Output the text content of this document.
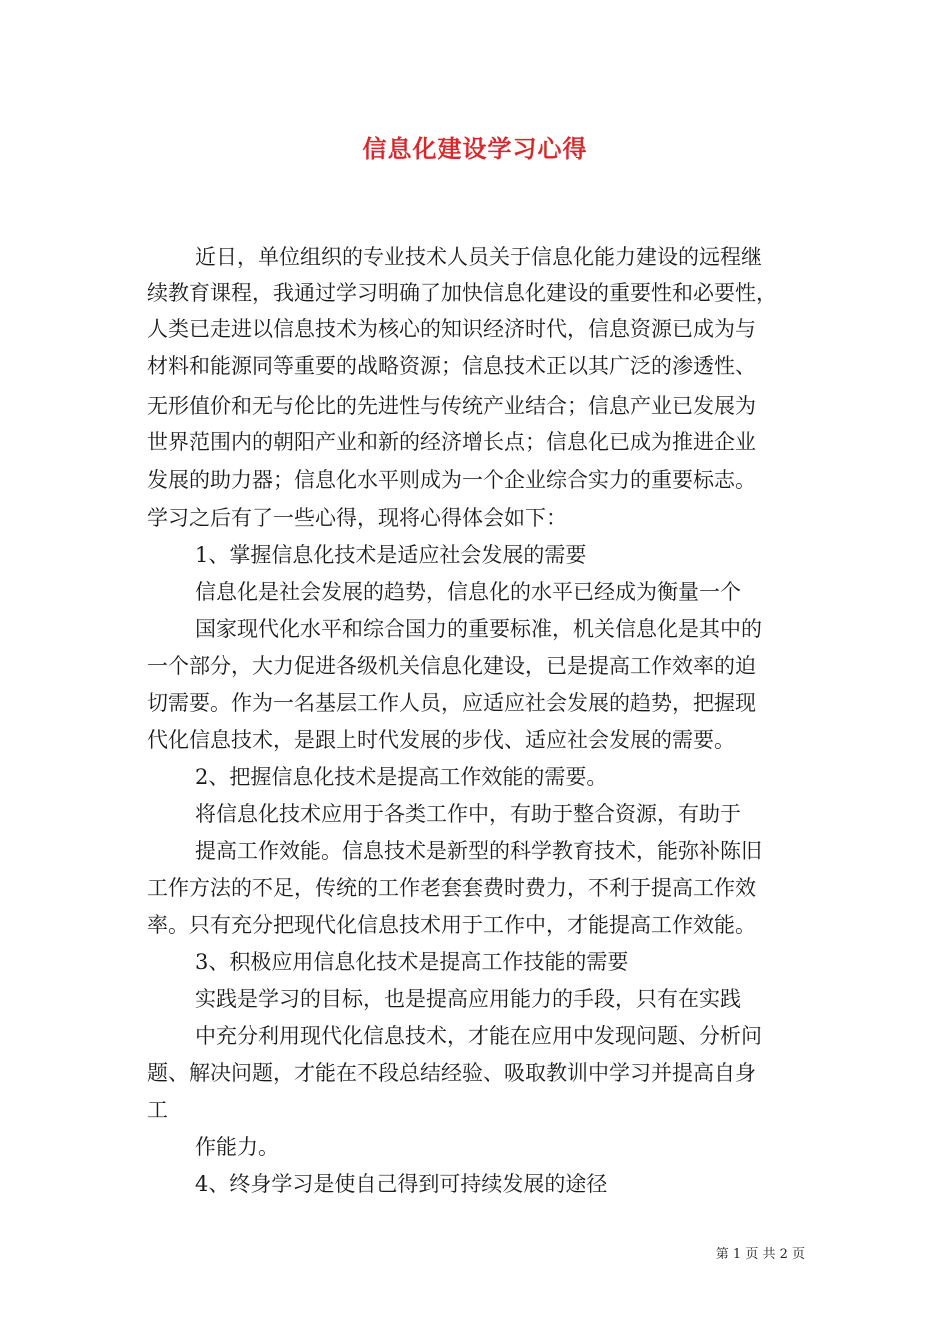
信息化建设学习心得
近日，单位组织的专业技术人员关于信息化能力建设的远程继
续教育课程，我通过学习明确了加快信息化建设的重要性和必要性，
人类已走进以信息技术为核心的知识经济时代，信息资源已成为与
材料和能源同等重要的战略资源；信息技术正以其广泛的渗透性、
无形值价和无与伦比的先进性与传统产业结合；信息产业已发展为
世界范围内的朝阳产业和新的经济增长点；信息化已成为推进企业
发展的助力器；信息化水平则成为一个企业综合实力的重要标志。
学习之后有了一些心得，现将心得体会如下：
1、掌握信息化技术是适应社会发展的需要
信息化是社会发展的趋势，信息化的水平已经成为衡量一个
国家现代化水平和综合国力的重要标准，机关信息化是其中的
一个部分，大力促进各级机关信息化建设，已是提高工作效率的迫
切需要。作为一名基层工作人员，应适应社会发展的趋势，把握现
代化信息技术，是跟上时代发展的步伐、适应社会发展的需要。
2、把握信息化技术是提高工作效能的需要。
将信息化技术应用于各类工作中，有助于整合资源，有助于
提高工作效能。信息技术是新型的科学教育技术，能弥补陈旧
工作方法的不足，传统的工作老套套费时费力，不利于提高工作效
率。只有充分把现代化信息技术用于工作中，才能提高工作效能。
3、积极应用信息化技术是提高工作技能的需要
实践是学习的目标，也是提高应用能力的手段，只有在实践
中充分利用现代化信息技术，才能在应用中发现问题、分析问
题、解决问题，才能在不段总结经验、吸取教训中学习并提高自身
工
作能力。
4、终身学习是使自己得到可持续发展的途径
第 1 页 共 2 页
